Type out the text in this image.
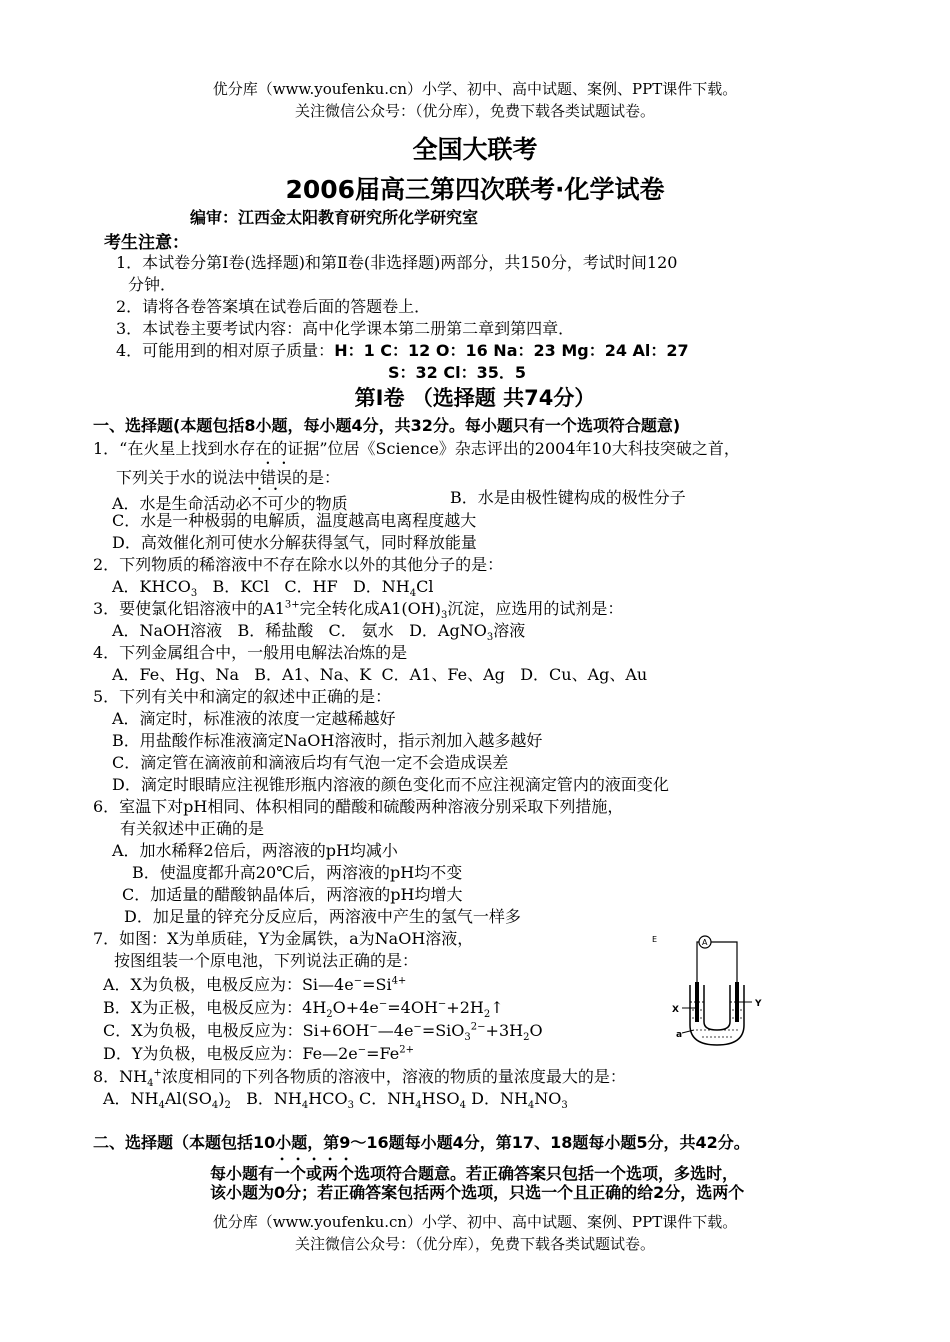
优分库（www.youfenku.cn）小学、初中、高中试题、案例、PPT课件下载。
关注微信公众号：（优分库），免费下载各类试题试卷。
全国大联考
2006届高三第四次联考·化学试卷
编审：江西金太阳教育研究所化学研究室
考生注意：
1．本试卷分第Ⅰ卷(选择题)和第Ⅱ卷(非选择题)两部分，共150分，考试时间120
分钟．
2．请将各卷答案填在试卷后面的答题卷上．
3．本试卷主要考试内容：高中化学课本第二册第二章到第四章．
4．可能用到的相对原子质量：H：1 C：12 O：16 Na：23 Mg：24 Al：27
S：32 Cl：35．5
第Ⅰ卷 （选择题 共74分）
一、选择题(本题包括8小题，每小题4分，共32分。每小题只有一个选项符合题意)
1．“在火星上找到水存在的证据”位居《Science》杂志评出的2004年10大科技突破之首，
下列关于水的说法中错误的是：
A．水是生命活动必不可少的物质	B．水是由极性键构成的极性分子
C．水是一种极弱的电解质，温度越高电离程度越大
D．高效催化剂可使水分解获得氢气，同时释放能量
2．下列物质的稀溶液中不存在除水以外的其他分子的是：
A．$KHCO_3$ B．KCl C．HF D．$NH_4Cl$
3．要使氯化铝溶液中的$A1^{3+}$完全转化成$A1(OH)_3$沉淀，应选用的试剂是：
A．NaOH溶液 B．稀盐酸 C． 氨水 D．AgNO$_3$溶液
4．下列金属组合中，一般用电解法冶炼的是
A．Fe、Hg、Na B．A1、Na、K C．A1、Fe、Ag D．Cu、Ag、Au
5．下列有关中和滴定的叙述中正确的是：
A．滴定时，标准液的浓度一定越稀越好
B．用盐酸作标准液滴定NaOH溶液时，指示剂加入越多越好
C．滴定管在滴液前和滴液后均有气泡一定不会造成误差
D．滴定时眼睛应注视锥形瓶内溶液的颜色变化而不应注视滴定管内的液面变化
6．室温下对pH相同、体积相同的醋酸和硫酸两种溶液分别采取下列措施，
有关叙述中正确的是
A．加水稀释2倍后，两溶液的pH均减小
B．使温度都升高20℃后，两溶液的pH均不变
C．加适量的醋酸钠晶体后，两溶液的pH均增大
D．加足量的锌充分反应后，两溶液中产生的氢气一样多
7．如图：X为单质硅，Y为金属铁，a为NaOH溶液，
按图组装一个原电池，下列说法正确的是：
A．X为负极，电极反应为：$Si—4e^-=Si^{4+}$
B．X为正极，电极反应为：$4H_2O+4e^-=4OH^-+2H_2↑$
C．X为负极，电极反应为：$Si+6OH^-—4e^-=SiO_3^{2-}+3H_2O$
D．Y为负极，电极反应为：$Fe—2e^-=Fe^{2+}$
E	A
X
Y
a
8．$NH_4^+$浓度相同的下列各物质的溶液中，溶液的物质的量浓度最大的是：
A．$NH_4Al(SO_4)_2$ B．$NH_4HCO_3$ C．$NH_4HSO_4$ D．$NH_4NO_3$
二、选择题（本题包括10小题，第9～16题每小题4分，第17、18题每小题5分，共42分。
每小题有一个或两个选项符合题意。若正确答案只包括一个选项，多选时，
该小题为0分；若正确答案包括两个选项，只选一个且正确的给2分，选两个
优分库（www.youfenku.cn）小学、初中、高中试题、案例、PPT课件下载。
关注微信公众号：（优分库），免费下载各类试题试卷。
